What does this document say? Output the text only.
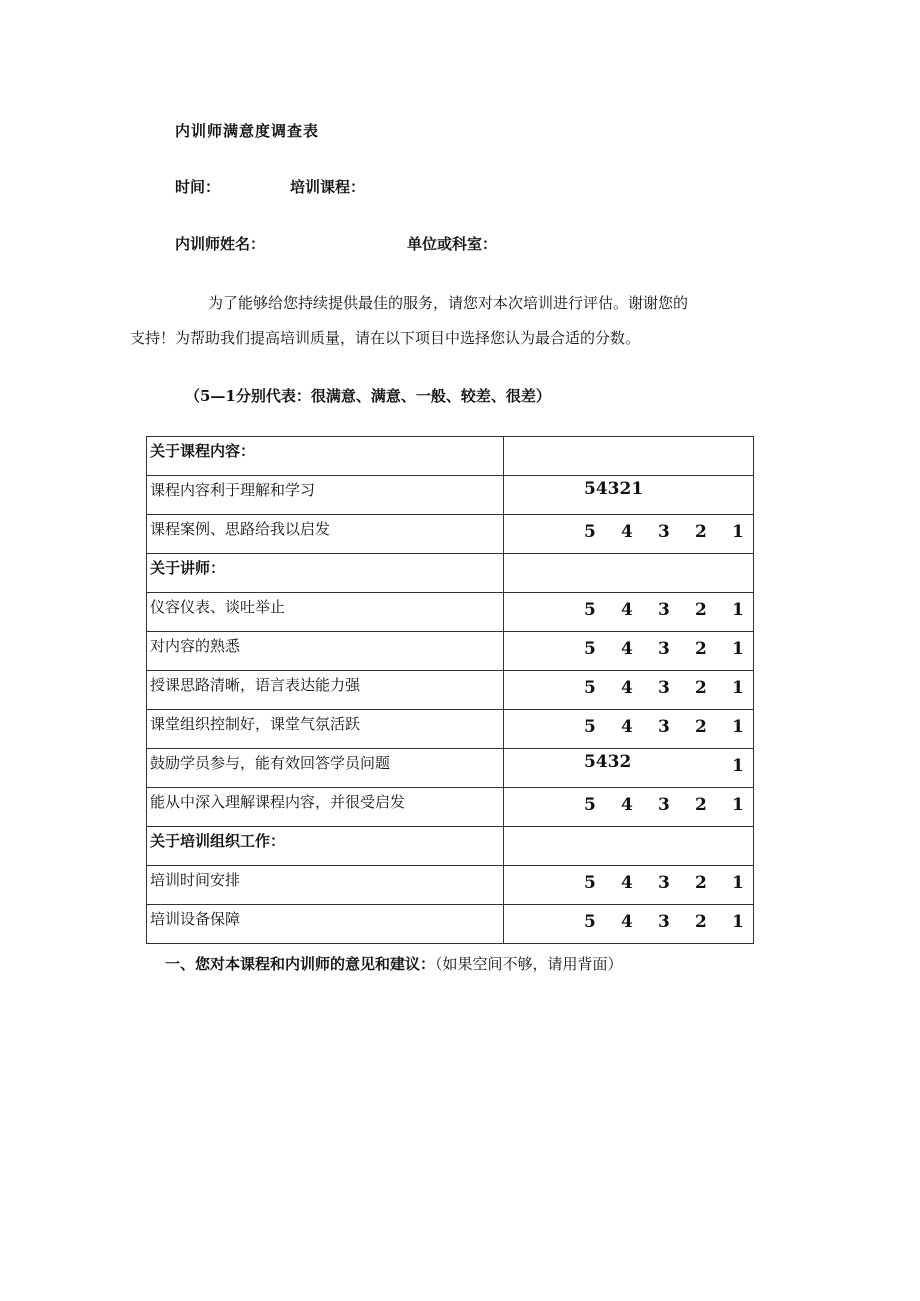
内训师满意度调查表
时间：	培训课程：
内训师姓名：	单位或科室：
为了能够给您持续提供最佳的服务，请您对本次培训进行评估。谢谢您的
支持！为帮助我们提高培训质量，请在以下项目中选择您认为最合适的分数。
（5—1分别代表：很满意、满意、一般、较差、很差）
关于课程内容：	

课程内容利于理解和学习	54321

课程案例、思路给我以启发	5 4 3 2 1

关于讲师：	

仪容仪表、谈吐举止	5 4 3 2 1

对内容的熟悉	5 4 3 2 1

授课思路清晰，语言表达能力强	5 4 3 2 1

课堂组织控制好，课堂气氛活跃	5 4 3 2 1

鼓励学员参与，能有效回答学员问题	5432 1

能从中深入理解课程内容，并很受启发	5 4 3 2 1

关于培训组织工作：	

培训时间安排	5 4 3 2 1

培训设备保障	5 4 3 2 1
一、您对本课程和内训师的意见和建议：（如果空间不够，请用背面）
